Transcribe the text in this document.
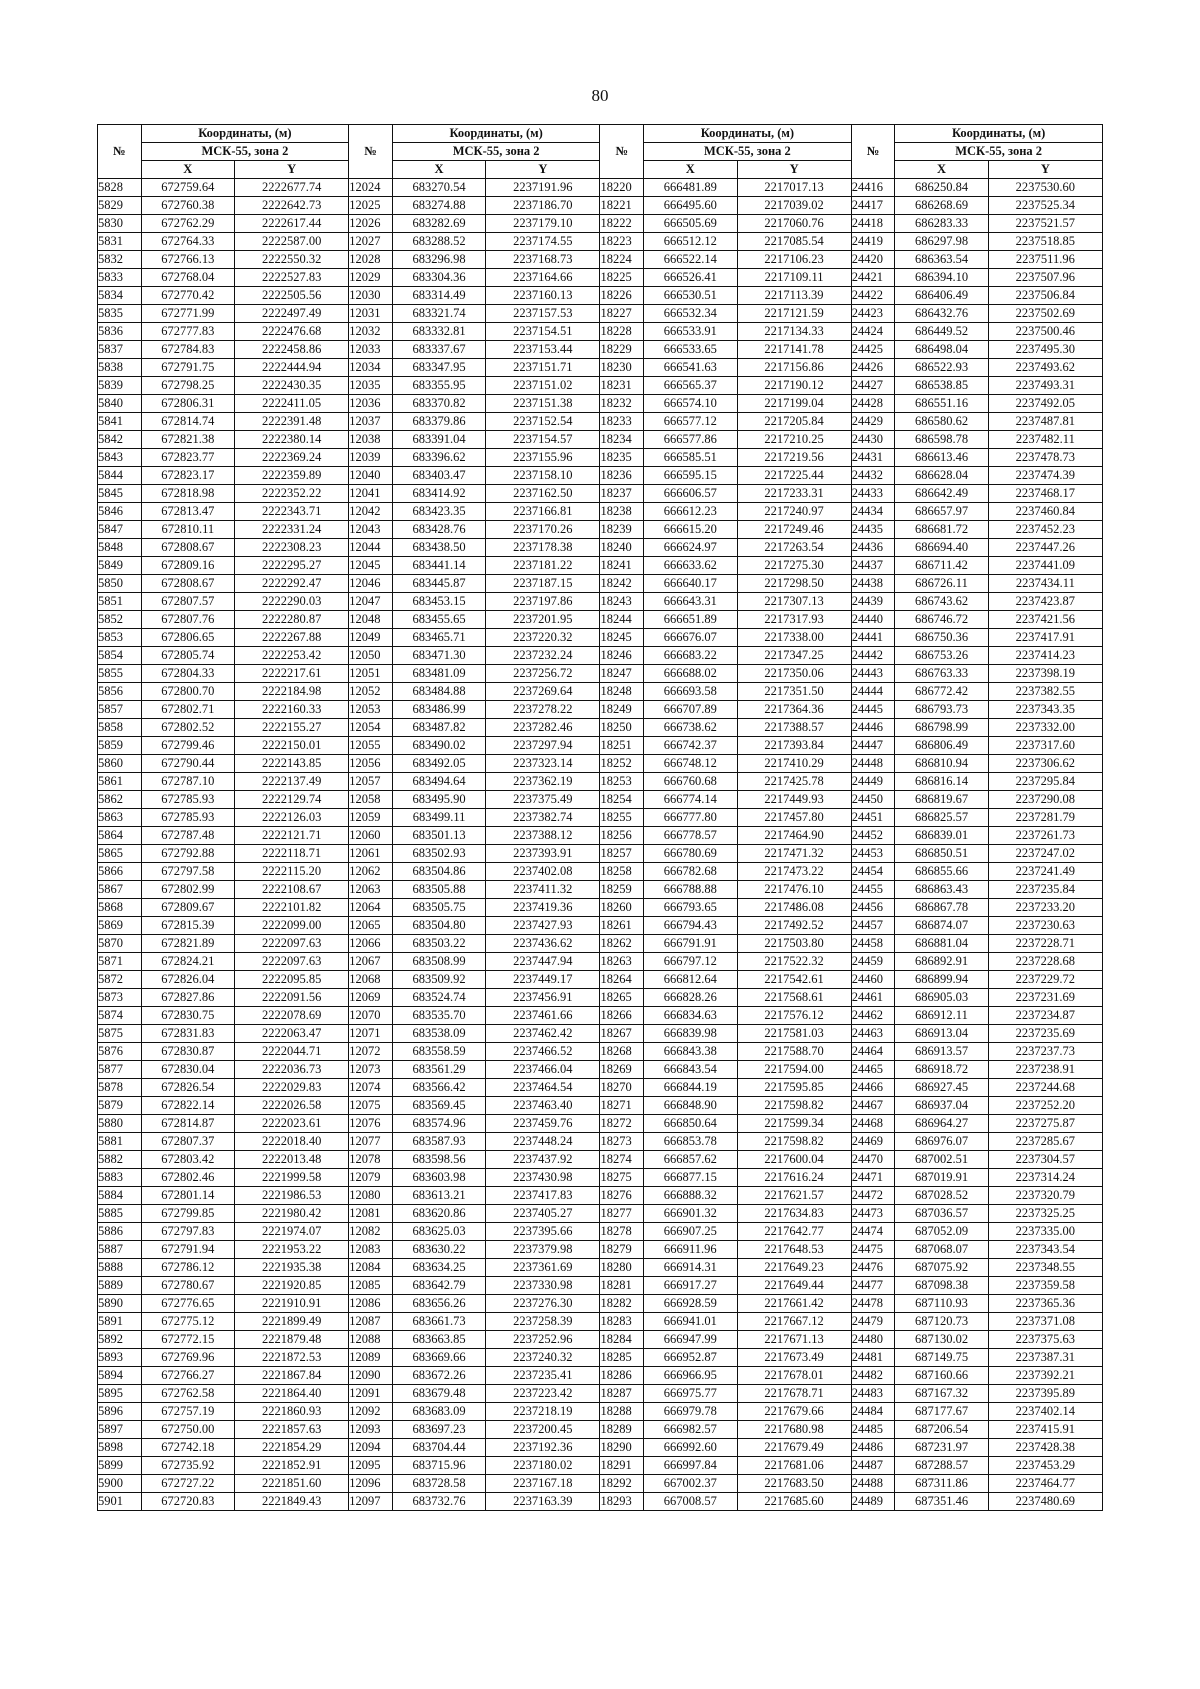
80
№	Координаты, (м)		№	Координаты, (м)		№	Координаты, (м)		№	Координаты, (м)	
	МСК-55, зона 2			МСК-55, зона 2			МСК-55, зона 2			МСК-55, зона 2	
	X	Y		X	Y		X	Y		X	Y
5828	672759.64	2222677.74	12024	683270.54	2237191.96	18220	666481.89	2217017.13	24416	686250.84	2237530.60
5829	672760.38	2222642.73	12025	683274.88	2237186.70	18221	666495.60	2217039.02	24417	686268.69	2237525.34
5830	672762.29	2222617.44	12026	683282.69	2237179.10	18222	666505.69	2217060.76	24418	686283.33	2237521.57
5831	672764.33	2222587.00	12027	683288.52	2237174.55	18223	666512.12	2217085.54	24419	686297.98	2237518.85
5832	672766.13	2222550.32	12028	683296.98	2237168.73	18224	666522.14	2217106.23	24420	686363.54	2237511.96
5833	672768.04	2222527.83	12029	683304.36	2237164.66	18225	666526.41	2217109.11	24421	686394.10	2237507.96
5834	672770.42	2222505.56	12030	683314.49	2237160.13	18226	666530.51	2217113.39	24422	686406.49	2237506.84
5835	672771.99	2222497.49	12031	683321.74	2237157.53	18227	666532.34	2217121.59	24423	686432.76	2237502.69
5836	672777.83	2222476.68	12032	683332.81	2237154.51	18228	666533.91	2217134.33	24424	686449.52	2237500.46
5837	672784.83	2222458.86	12033	683337.67	2237153.44	18229	666533.65	2217141.78	24425	686498.04	2237495.30
5838	672791.75	2222444.94	12034	683347.95	2237151.71	18230	666541.63	2217156.86	24426	686522.93	2237493.62
5839	672798.25	2222430.35	12035	683355.95	2237151.02	18231	666565.37	2217190.12	24427	686538.85	2237493.31
5840	672806.31	2222411.05	12036	683370.82	2237151.38	18232	666574.10	2217199.04	24428	686551.16	2237492.05
5841	672814.74	2222391.48	12037	683379.86	2237152.54	18233	666577.12	2217205.84	24429	686580.62	2237487.81
5842	672821.38	2222380.14	12038	683391.04	2237154.57	18234	666577.86	2217210.25	24430	686598.78	2237482.11
5843	672823.77	2222369.24	12039	683396.62	2237155.96	18235	666585.51	2217219.56	24431	686613.46	2237478.73
5844	672823.17	2222359.89	12040	683403.47	2237158.10	18236	666595.15	2217225.44	24432	686628.04	2237474.39
5845	672818.98	2222352.22	12041	683414.92	2237162.50	18237	666606.57	2217233.31	24433	686642.49	2237468.17
5846	672813.47	2222343.71	12042	683423.35	2237166.81	18238	666612.23	2217240.97	24434	686657.97	2237460.84
5847	672810.11	2222331.24	12043	683428.76	2237170.26	18239	666615.20	2217249.46	24435	686681.72	2237452.23
5848	672808.67	2222308.23	12044	683438.50	2237178.38	18240	666624.97	2217263.54	24436	686694.40	2237447.26
5849	672809.16	2222295.27	12045	683441.14	2237181.22	18241	666633.62	2217275.30	24437	686711.42	2237441.09
5850	672808.67	2222292.47	12046	683445.87	2237187.15	18242	666640.17	2217298.50	24438	686726.11	2237434.11
5851	672807.57	2222290.03	12047	683453.15	2237197.86	18243	666643.31	2217307.13	24439	686743.62	2237423.87
5852	672807.76	2222280.87	12048	683455.65	2237201.95	18244	666651.89	2217317.93	24440	686746.72	2237421.56
5853	672806.65	2222267.88	12049	683465.71	2237220.32	18245	666676.07	2217338.00	24441	686750.36	2237417.91
5854	672805.74	2222253.42	12050	683471.30	2237232.24	18246	666683.22	2217347.25	24442	686753.26	2237414.23
5855	672804.33	2222217.61	12051	683481.09	2237256.72	18247	666688.02	2217350.06	24443	686763.33	2237398.19
5856	672800.70	2222184.98	12052	683484.88	2237269.64	18248	666693.58	2217351.50	24444	686772.42	2237382.55
5857	672802.71	2222160.33	12053	683486.99	2237278.22	18249	666707.89	2217364.36	24445	686793.73	2237343.35
5858	672802.52	2222155.27	12054	683487.82	2237282.46	18250	666738.62	2217388.57	24446	686798.99	2237332.00
5859	672799.46	2222150.01	12055	683490.02	2237297.94	18251	666742.37	2217393.84	24447	686806.49	2237317.60
5860	672790.44	2222143.85	12056	683492.05	2237323.14	18252	666748.12	2217410.29	24448	686810.94	2237306.62
5861	672787.10	2222137.49	12057	683494.64	2237362.19	18253	666760.68	2217425.78	24449	686816.14	2237295.84
5862	672785.93	2222129.74	12058	683495.90	2237375.49	18254	666774.14	2217449.93	24450	686819.67	2237290.08
5863	672785.93	2222126.03	12059	683499.11	2237382.74	18255	666777.80	2217457.80	24451	686825.57	2237281.79
5864	672787.48	2222121.71	12060	683501.13	2237388.12	18256	666778.57	2217464.90	24452	686839.01	2237261.73
5865	672792.88	2222118.71	12061	683502.93	2237393.91	18257	666780.69	2217471.32	24453	686850.51	2237247.02
5866	672797.58	2222115.20	12062	683504.86	2237402.08	18258	666782.68	2217473.22	24454	686855.66	2237241.49
5867	672802.99	2222108.67	12063	683505.88	2237411.32	18259	666788.88	2217476.10	24455	686863.43	2237235.84
5868	672809.67	2222101.82	12064	683505.75	2237419.36	18260	666793.65	2217486.08	24456	686867.78	2237233.20
5869	672815.39	2222099.00	12065	683504.80	2237427.93	18261	666794.43	2217492.52	24457	686874.07	2237230.63
5870	672821.89	2222097.63	12066	683503.22	2237436.62	18262	666791.91	2217503.80	24458	686881.04	2237228.71
5871	672824.21	2222097.63	12067	683508.99	2237447.94	18263	666797.12	2217522.32	24459	686892.91	2237228.68
5872	672826.04	2222095.85	12068	683509.92	2237449.17	18264	666812.64	2217542.61	24460	686899.94	2237229.72
5873	672827.86	2222091.56	12069	683524.74	2237456.91	18265	666828.26	2217568.61	24461	686905.03	2237231.69
5874	672830.75	2222078.69	12070	683535.70	2237461.66	18266	666834.63	2217576.12	24462	686912.11	2237234.87
5875	672831.83	2222063.47	12071	683538.09	2237462.42	18267	666839.98	2217581.03	24463	686913.04	2237235.69
5876	672830.87	2222044.71	12072	683558.59	2237466.52	18268	666843.38	2217588.70	24464	686913.57	2237237.73
5877	672830.04	2222036.73	12073	683561.29	2237466.04	18269	666843.54	2217594.00	24465	686918.72	2237238.91
5878	672826.54	2222029.83	12074	683566.42	2237464.54	18270	666844.19	2217595.85	24466	686927.45	2237244.68
5879	672822.14	2222026.58	12075	683569.45	2237463.40	18271	666848.90	2217598.82	24467	686937.04	2237252.20
5880	672814.87	2222023.61	12076	683574.96	2237459.76	18272	666850.64	2217599.34	24468	686964.27	2237275.87
5881	672807.37	2222018.40	12077	683587.93	2237448.24	18273	666853.78	2217598.82	24469	686976.07	2237285.67
5882	672803.42	2222013.48	12078	683598.56	2237437.92	18274	666857.62	2217600.04	24470	687002.51	2237304.57
5883	672802.46	2221999.58	12079	683603.98	2237430.98	18275	666877.15	2217616.24	24471	687019.91	2237314.24
5884	672801.14	2221986.53	12080	683613.21	2237417.83	18276	666888.32	2217621.57	24472	687028.52	2237320.79
5885	672799.85	2221980.42	12081	683620.86	2237405.27	18277	666901.32	2217634.83	24473	687036.57	2237325.25
5886	672797.83	2221974.07	12082	683625.03	2237395.66	18278	666907.25	2217642.77	24474	687052.09	2237335.00
5887	672791.94	2221953.22	12083	683630.22	2237379.98	18279	666911.96	2217648.53	24475	687068.07	2237343.54
5888	672786.12	2221935.38	12084	683634.25	2237361.69	18280	666914.31	2217649.23	24476	687075.92	2237348.55
5889	672780.67	2221920.85	12085	683642.79	2237330.98	18281	666917.27	2217649.44	24477	687098.38	2237359.58
5890	672776.65	2221910.91	12086	683656.26	2237276.30	18282	666928.59	2217661.42	24478	687110.93	2237365.36
5891	672775.12	2221899.49	12087	683661.73	2237258.39	18283	666941.01	2217667.12	24479	687120.73	2237371.08
5892	672772.15	2221879.48	12088	683663.85	2237252.96	18284	666947.99	2217671.13	24480	687130.02	2237375.63
5893	672769.96	2221872.53	12089	683669.66	2237240.32	18285	666952.87	2217673.49	24481	687149.75	2237387.31
5894	672766.27	2221867.84	12090	683672.26	2237235.41	18286	666966.95	2217678.01	24482	687160.66	2237392.21
5895	672762.58	2221864.40	12091	683679.48	2237223.42	18287	666975.77	2217678.71	24483	687167.32	2237395.89
5896	672757.19	2221860.93	12092	683683.09	2237218.19	18288	666979.78	2217679.66	24484	687177.67	2237402.14
5897	672750.00	2221857.63	12093	683697.23	2237200.45	18289	666982.57	2217680.98	24485	687206.54	2237415.91
5898	672742.18	2221854.29	12094	683704.44	2237192.36	18290	666992.60	2217679.49	24486	687231.97	2237428.38
5899	672735.92	2221852.91	12095	683715.96	2237180.02	18291	666997.84	2217681.06	24487	687288.57	2237453.29
5900	672727.22	2221851.60	12096	683728.58	2237167.18	18292	667002.37	2217683.50	24488	687311.86	2237464.77
5901	672720.83	2221849.43	12097	683732.76	2237163.39	18293	667008.57	2217685.60	24489	687351.46	2237480.69
